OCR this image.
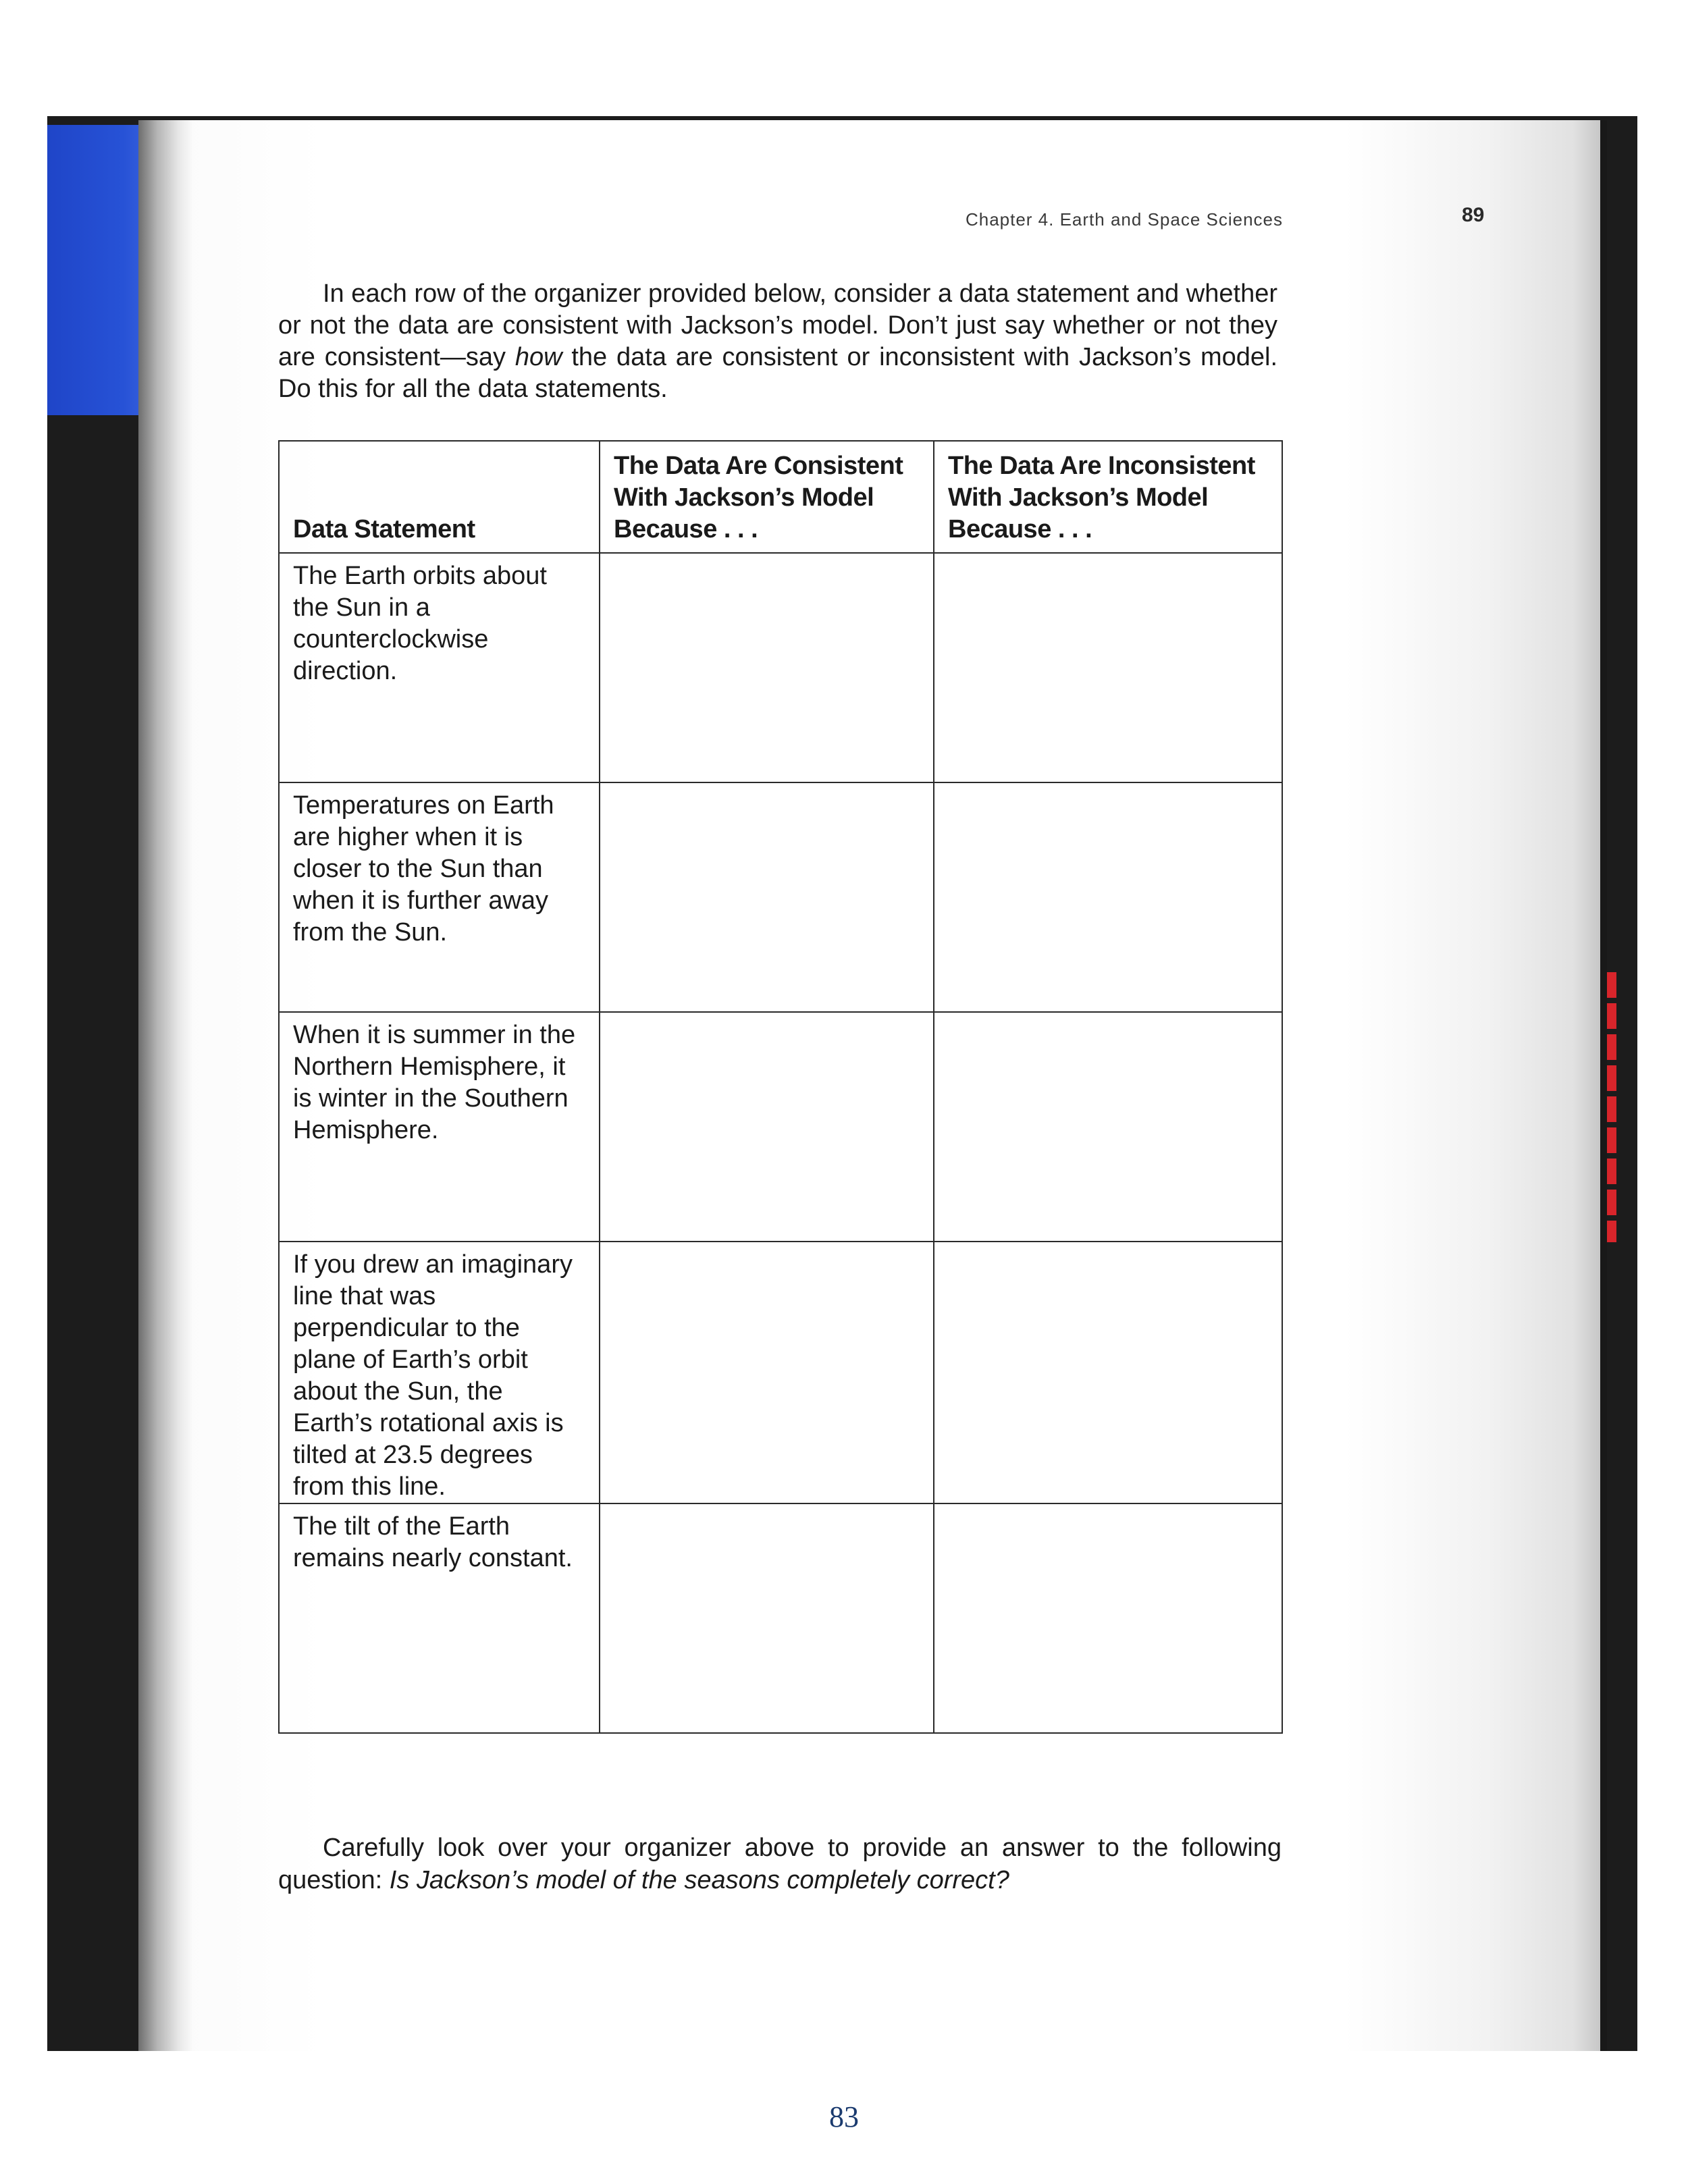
Chapter 4. Earth and Space Sciences	89

In each row of the organizer provided below, consider a data statement and whether or not the data are consistent with Jackson’s model. Don’t just say whether or not they are consistent—say how the data are consistent or inconsistent with Jackson’s model. Do this for all the data statements.

Data Statement	The Data Are Consistent With Jackson’s Model Because . . .	The Data Are Inconsistent With Jackson’s Model Because . . .
The Earth orbits about the Sun in a counterclockwise direction.		
Temperatures on Earth are higher when it is closer to the Sun than when it is further away from the Sun.		
When it is summer in the Northern Hemisphere, it is winter in the Southern Hemisphere.		
If you drew an imaginary line that was perpendicular to the plane of Earth’s orbit about the Sun, the Earth’s rotational axis is tilted at 23.5 degrees from this line.		
The tilt of the Earth remains nearly constant.		

Carefully look over your organizer above to provide an answer to the following question: Is Jackson’s model of the seasons completely correct?

83
